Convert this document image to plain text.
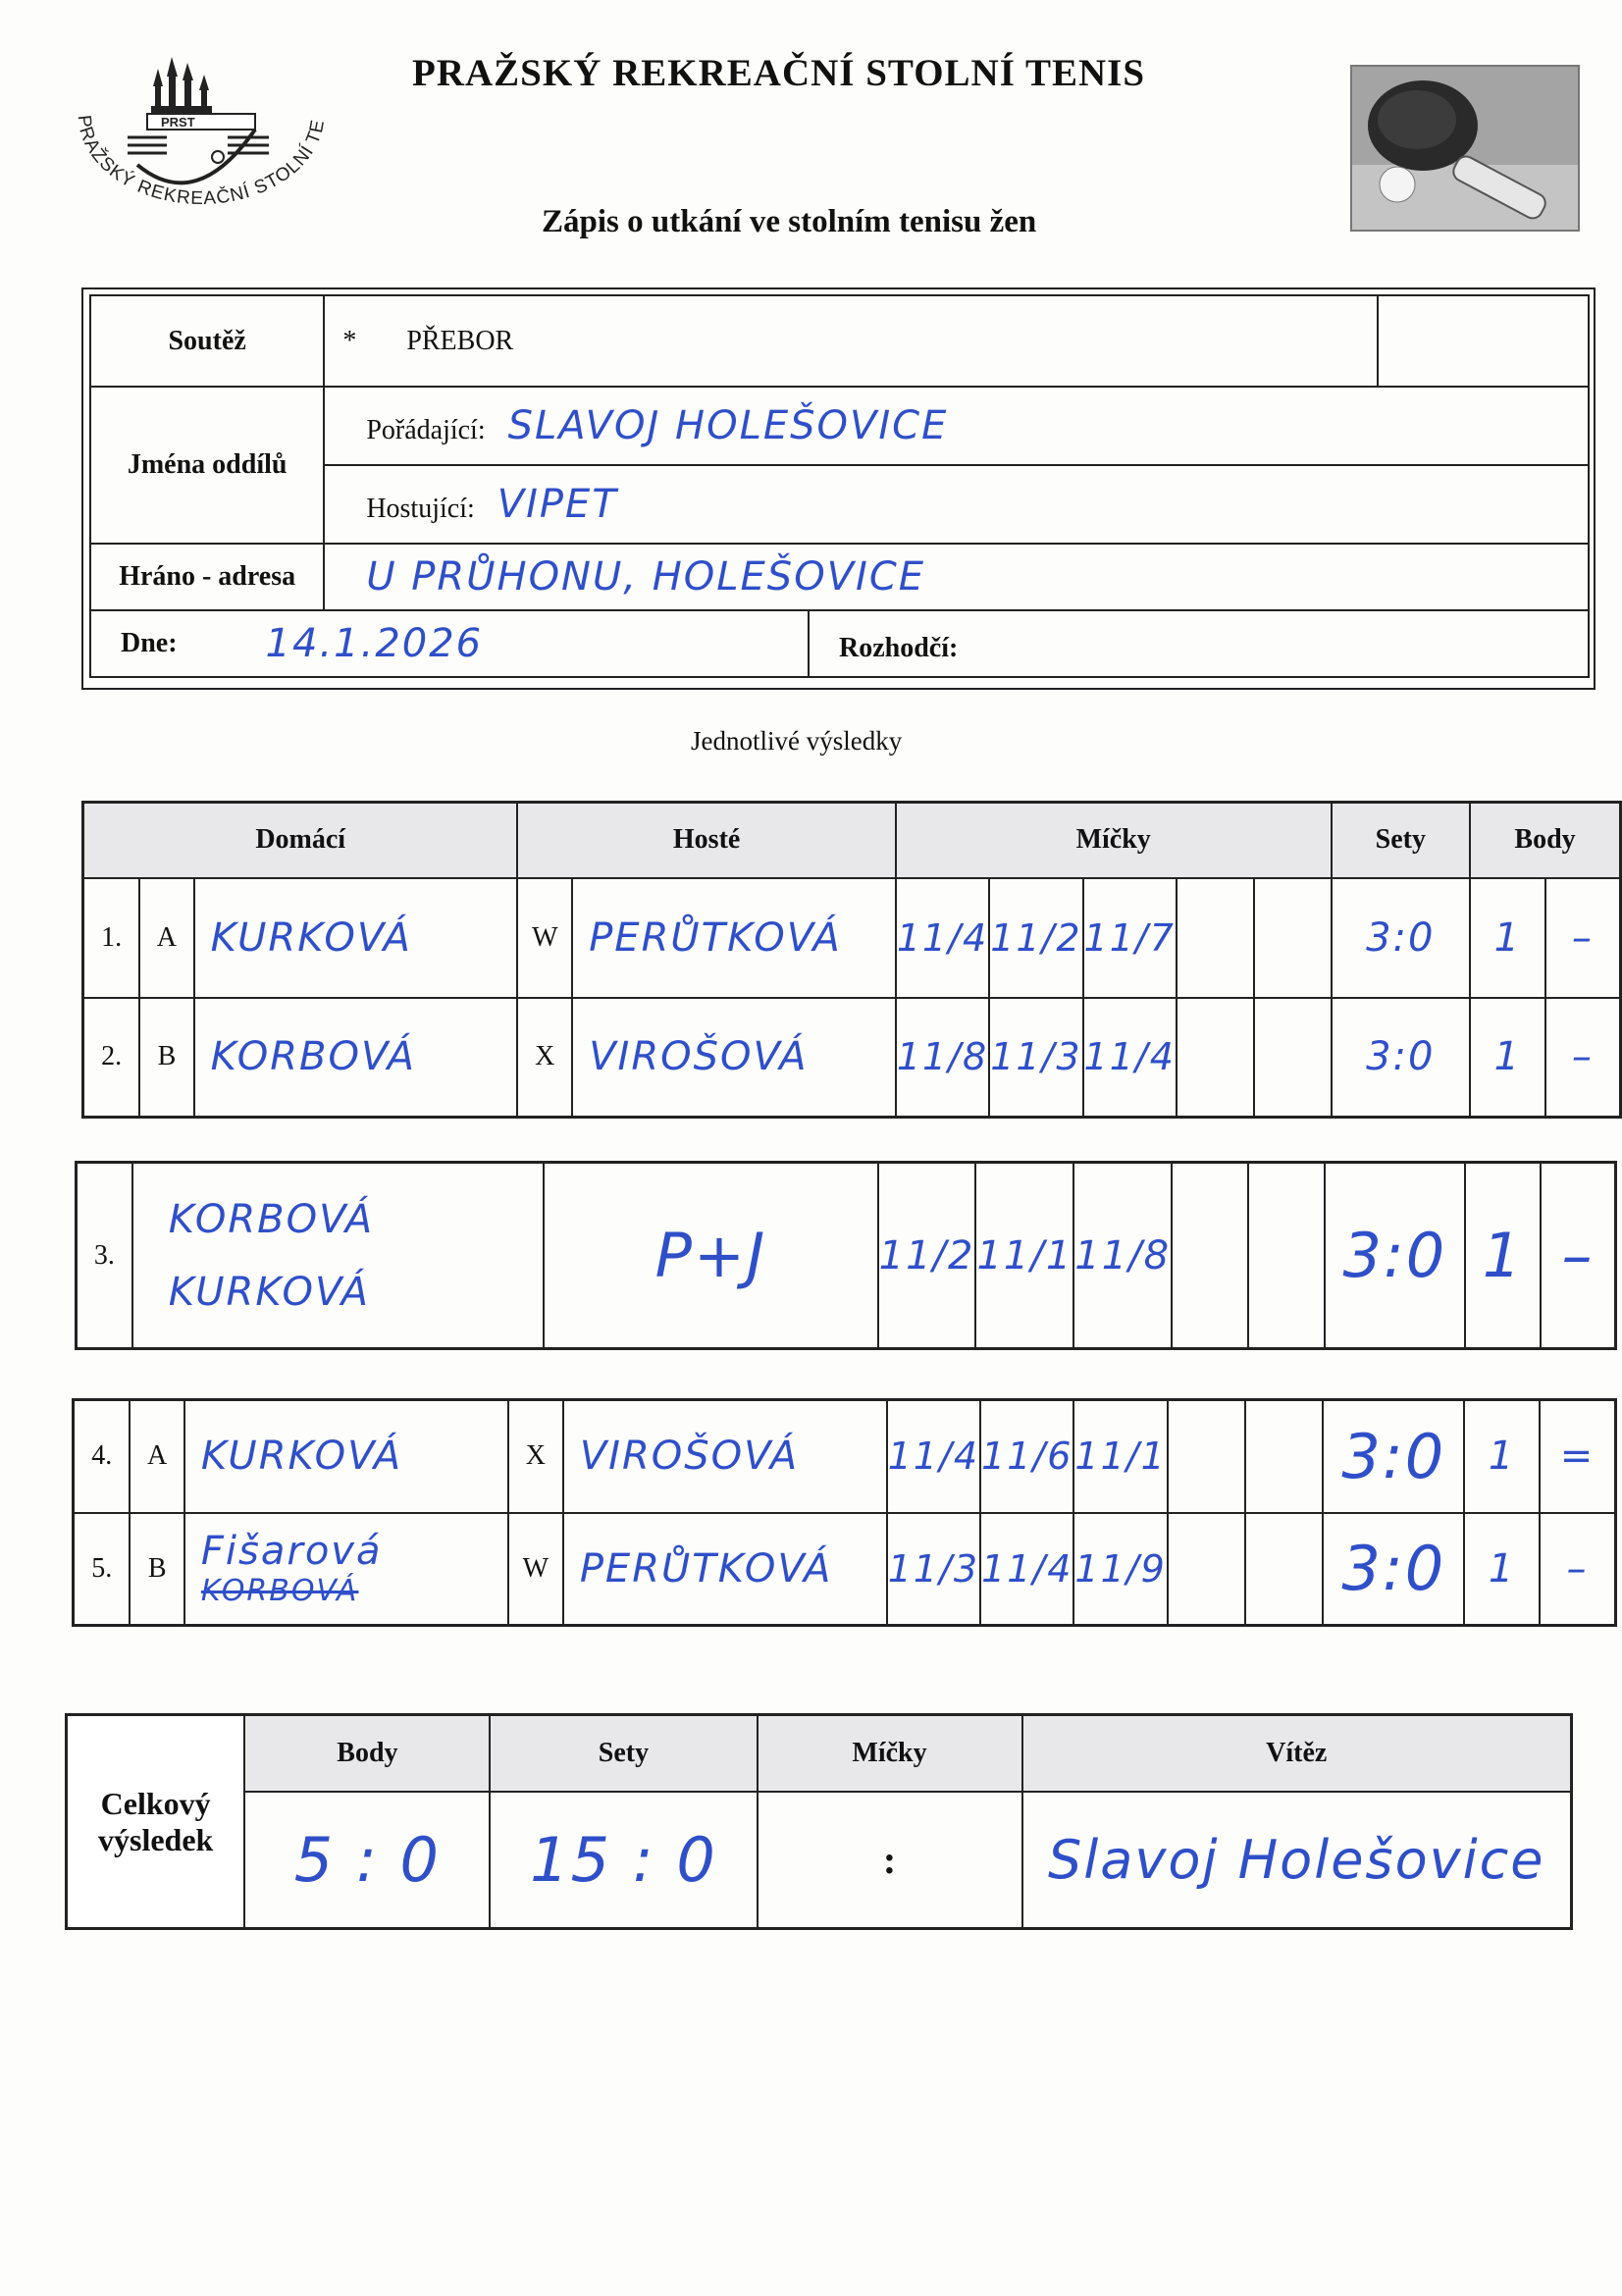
PRST
PRAŽSKÝ REKREAČNÍ STOLNÍ TE
PRAŽSKÝ REKREAČNÍ STOLNÍ TENIS
Zápis o utkání ve stolním tenisu žen
Soutěž	* PŘEBOR	
Jména oddílů	Pořádající: SLAVOJ HOLEŠOVICE	
	Hostující: VIPET	
Hráno - adresa	U PRŮHONU, HOLEŠOVICE	

Dne: 14.1.2026 Rozhodčí:		
Jednotlivé výsledky
Domácí			Hosté		Míčky					Sety	Body	
1.	A	KURKOVÁ	W	PERŮTKOVÁ	11/4	11/2	11/7			3:0	1	–
2.	B	KORBOVÁ	X	VIROŠOVÁ	11/8	11/3	11/4			3:0	1	–
3.	
KORBOVÁ
KURKOVÁ
	P+J	11/2	11/1	11/8			3:0	1	–
4.	A	KURKOVÁ	X	VIROŠOVÁ	11/4	11/6	11/1			3:0	1	=
5.	B	Fišarová
KORBOVÁ	W	PERŮTKOVÁ	11/3	11/4	11/9			3:0	1	–
Celkový výsledek	Body	Sety	Míčky	Vítěz
	5 : 0	15 : 0	:	Slavoj Holešovice
